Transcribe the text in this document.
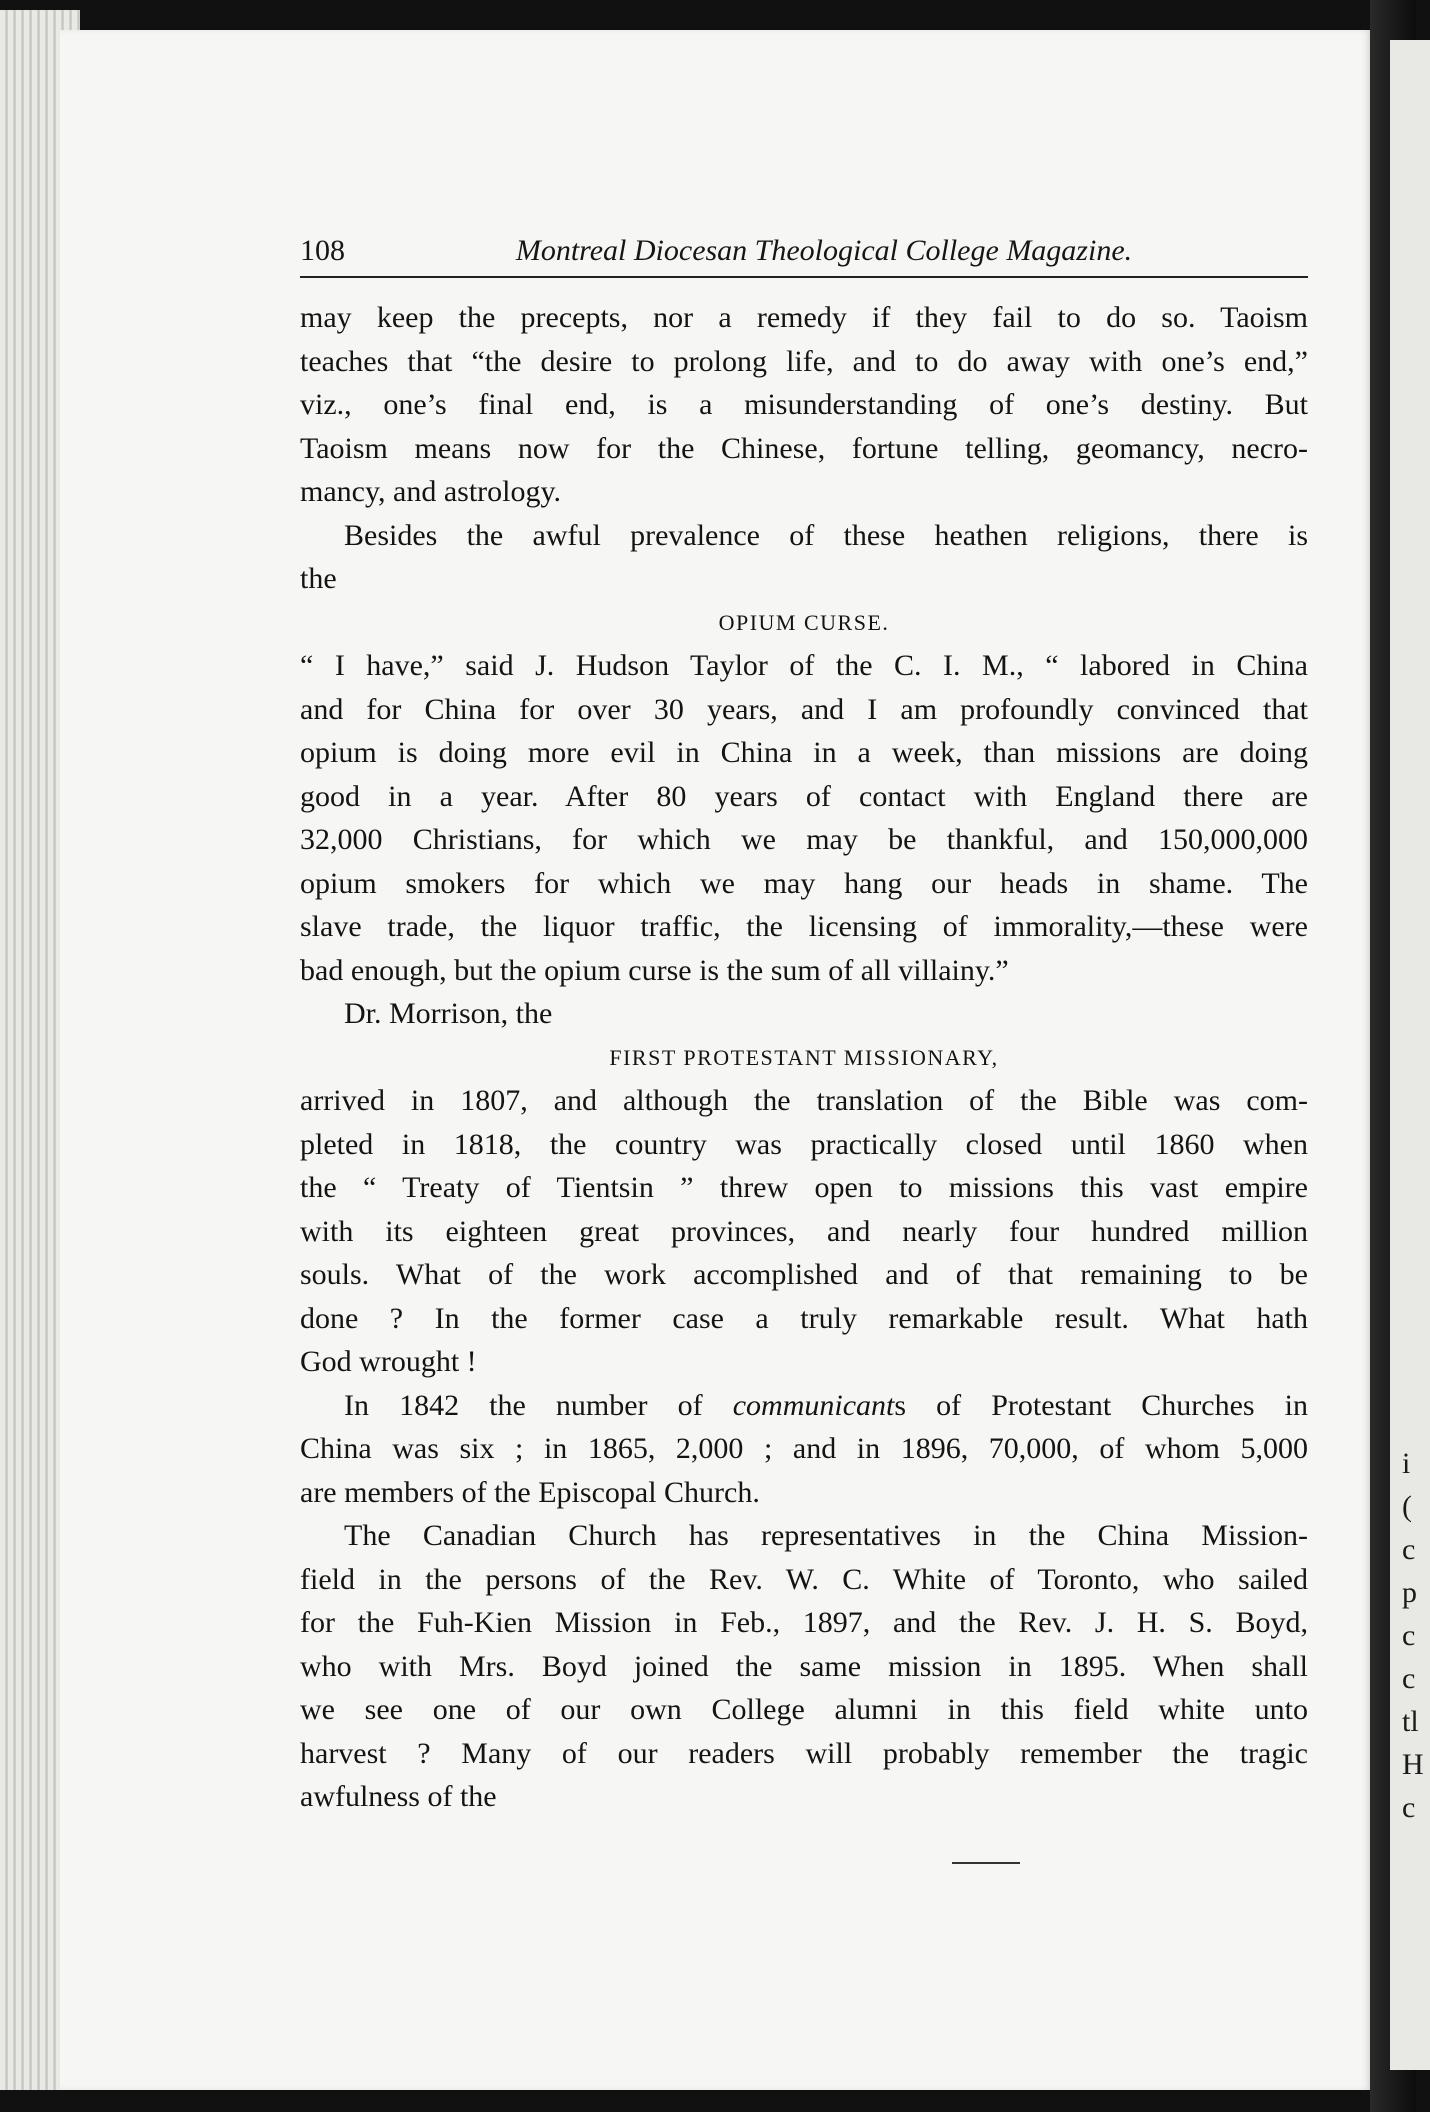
i
(
c
p
c
c
tl
H
c
108	Montreal Diocesan Theological College Magazine.
may keep the precepts, nor a remedy if they fail to do so. Taoism
teaches that “the desire to prolong life, and to do away with one’s end,”
viz., one’s final end, is a misunderstanding of one’s destiny. But
Taoism means now for the Chinese, fortune telling, geomancy, necro-
mancy, and astrology.
Besides the awful prevalence of these heathen religions, there is
the
OPIUM CURSE.
“ I have,” said J. Hudson Taylor of the C. I. M., “ labored in China
and for China for over 30 years, and I am profoundly convinced that
opium is doing more evil in China in a week, than missions are doing
good in a year. After 80 years of contact with England there are
32,000 Christians, for which we may be thankful, and 150,000,000
opium smokers for which we may hang our heads in shame. The
slave trade, the liquor traffic, the licensing of immorality,—these were
bad enough, but the opium curse is the sum of all villainy.”
Dr. Morrison, the
FIRST PROTESTANT MISSIONARY,
arrived in 1807, and although the translation of the Bible was com-
pleted in 1818, the country was practically closed until 1860 when
the “ Treaty of Tientsin ” threw open to missions this vast empire
with its eighteen great provinces, and nearly four hundred million
souls. What of the work accomplished and of that remaining to be
done ? In the former case a truly remarkable result. What hath
God wrought !
In 1842 the number of communicants of Protestant Churches in
China was six ; in 1865, 2,000 ; and in 1896, 70,000, of whom 5,000
are members of the Episcopal Church.
The Canadian Church has representatives in the China Mission-
field in the persons of the Rev. W. C. White of Toronto, who sailed
for the Fuh-Kien Mission in Feb., 1897, and the Rev. J. H. S. Boyd,
who with Mrs. Boyd joined the same mission in 1895. When shall
we see one of our own College alumni in this field white unto
harvest ? Many of our readers will probably remember the tragic
awfulness of the
